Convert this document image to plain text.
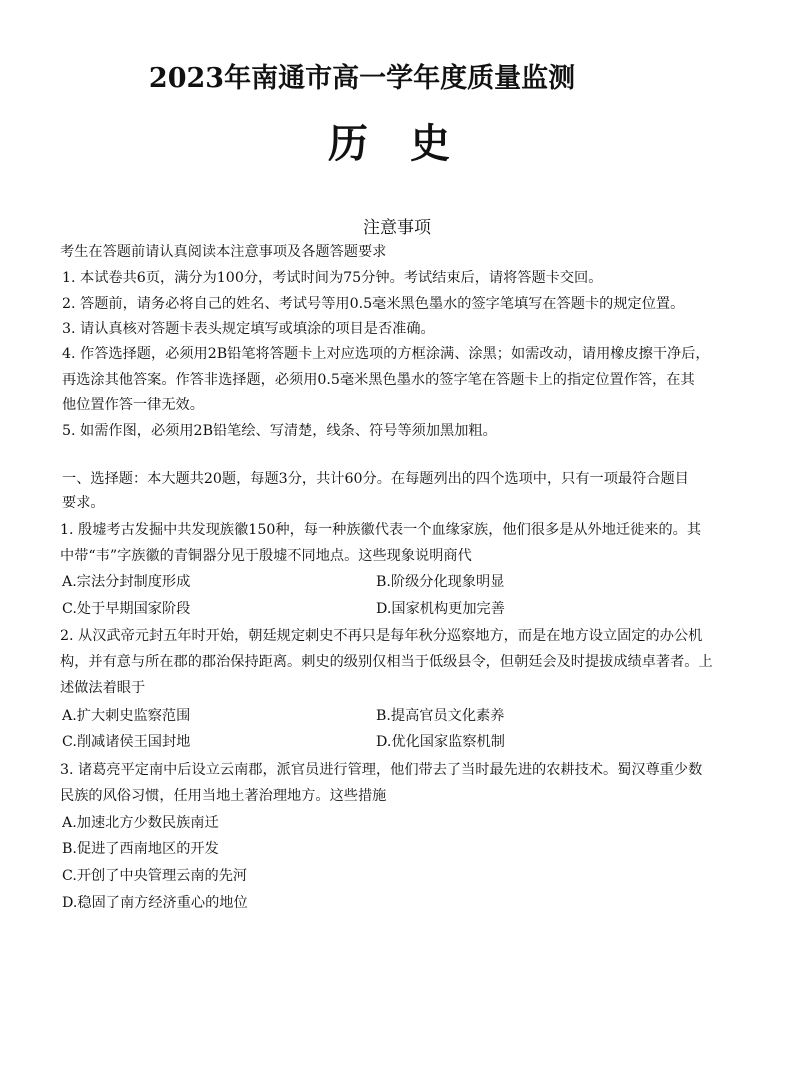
2023年南通市高一学年度质量监测
历 史
注意事项
考生在答题前请认真阅读本注意事项及各题答题要求
1. 本试卷共6页，满分为100分，考试时间为75分钟。考试结束后，请将答题卡交回。
2. 答题前，请务必将自己的姓名、考试号等用0.5毫米黑色墨水的签字笔填写在答题卡的规定位置。
3. 请认真核对答题卡表头规定填写或填涂的项目是否准确。
4. 作答选择题，必须用2B铅笔将答题卡上对应选项的方框涂满、涂黑；如需改动，请用橡皮擦干净后，
再选涂其他答案。作答非选择题，必须用0.5毫米黑色墨水的签字笔在答题卡上的指定位置作答，在其
他位置作答一律无效。
5. 如需作图，必须用2B铅笔绘、写清楚，线条、符号等须加黑加粗。
一、选择题：本大题共20题，每题3分，共计60分。在每题列出的四个选项中，只有一项最符合题目
要求。
1. 殷墟考古发掘中共发现族徽150种，每一种族徽代表一个血缘家族，他们很多是从外地迁徙来的。其
中带“韦”字族徽的青铜器分见于殷墟不同地点。这些现象说明商代
A.宗法分封制度形成	B.阶级分化现象明显
C.处于早期国家阶段	D.国家机构更加完善
2. 从汉武帝元封五年时开始，朝廷规定刺史不再只是每年秋分巡察地方，而是在地方设立固定的办公机
构，并有意与所在郡的郡治保持距离。刺史的级别仅相当于低级县令，但朝廷会及时提拔成绩卓著者。上
述做法着眼于
A.扩大刺史监察范围	B.提高官员文化素养
C.削减诸侯王国封地	D.优化国家监察机制
3. 诸葛亮平定南中后设立云南郡，派官员进行管理，他们带去了当时最先进的农耕技术。蜀汉尊重少数
民族的风俗习惯，任用当地土著治理地方。这些措施
A.加速北方少数民族南迁
B.促进了西南地区的开发
C.开创了中央管理云南的先河
D.稳固了南方经济重心的地位
